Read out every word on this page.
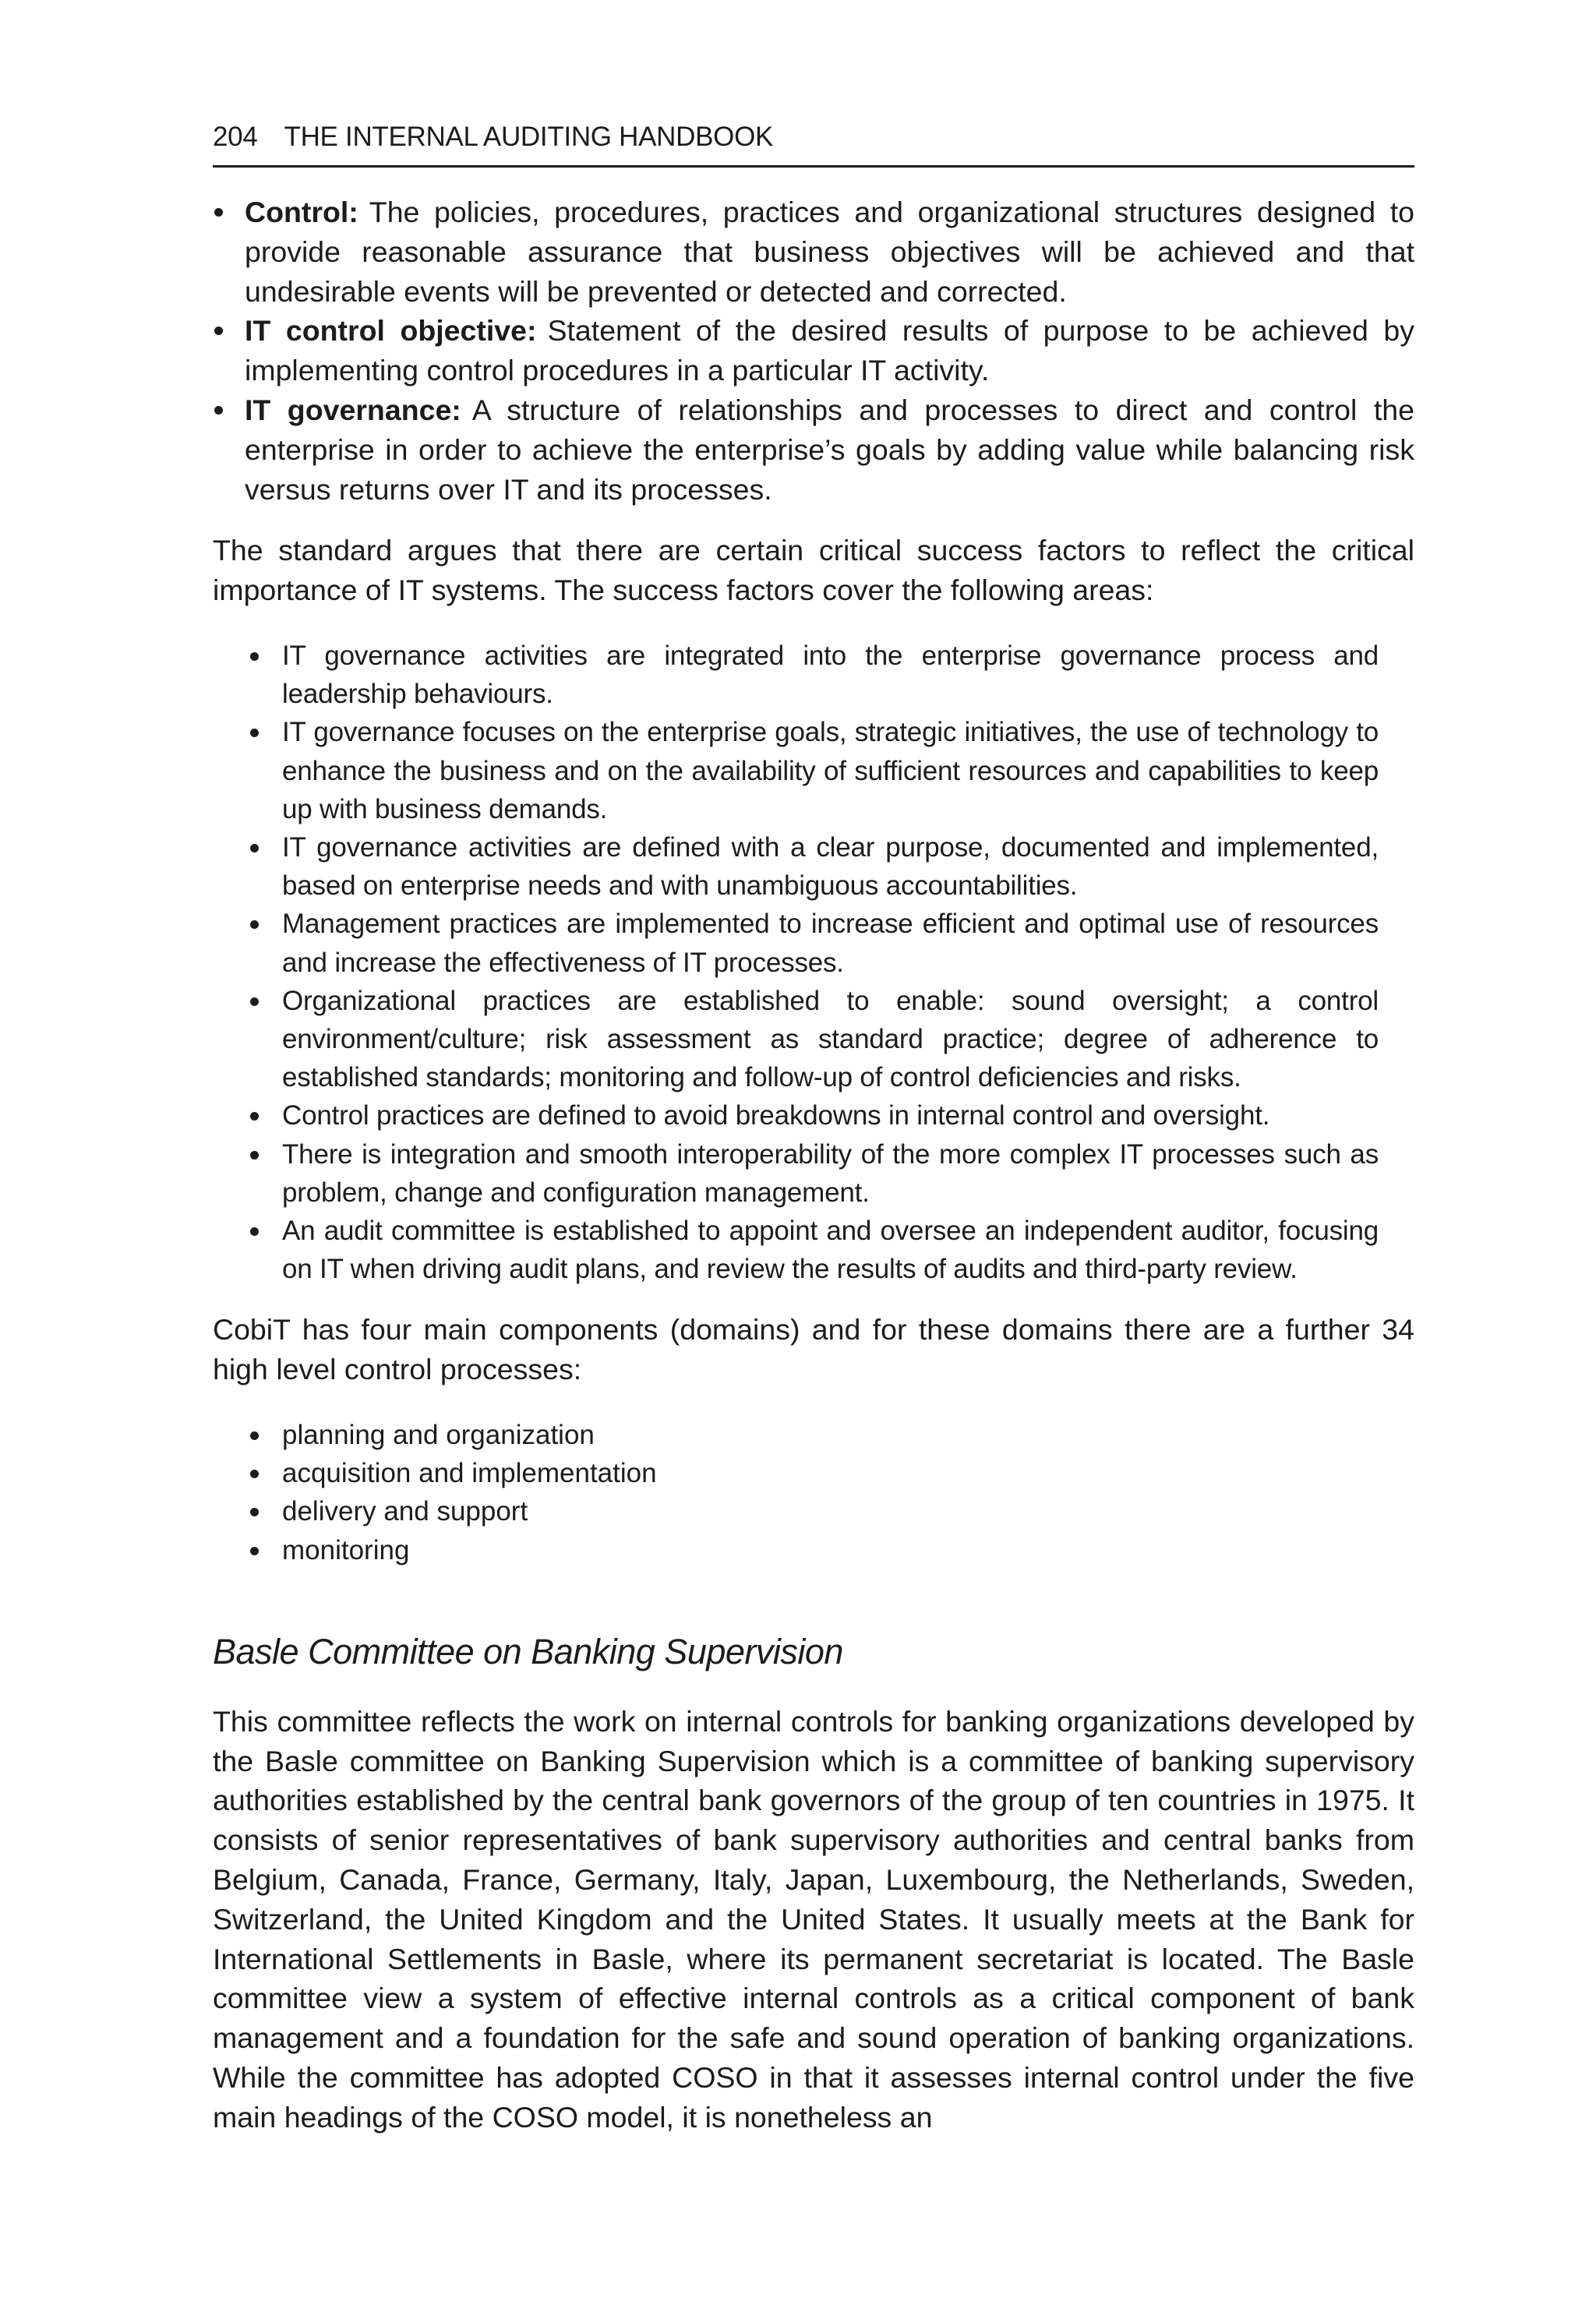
204 THE INTERNAL AUDITING HANDBOOK
Control: The policies, procedures, practices and organizational structures designed to provide reasonable assurance that business objectives will be achieved and that undesirable events will be prevented or detected and corrected.
IT control objective: Statement of the desired results of purpose to be achieved by implementing control procedures in a particular IT activity.
IT governance: A structure of relationships and processes to direct and control the enterprise in order to achieve the enterprise’s goals by adding value while balancing risk versus returns over IT and its processes.

The standard argues that there are certain critical success factors to reflect the critical importance of IT systems. The success factors cover the following areas:

IT governance activities are integrated into the enterprise governance process and leadership behaviours.
IT governance focuses on the enterprise goals, strategic initiatives, the use of technology to enhance the business and on the availability of sufficient resources and capabilities to keep up with business demands.
IT governance activities are defined with a clear purpose, documented and implemented, based on enterprise needs and with unambiguous accountabilities.
Management practices are implemented to increase efficient and optimal use of resources and increase the effectiveness of IT processes.
Organizational practices are established to enable: sound oversight; a control environment/culture; risk assessment as standard practice; degree of adherence to established standards; monitoring and follow-up of control deficiencies and risks.
Control practices are defined to avoid breakdowns in internal control and oversight.
There is integration and smooth interoperability of the more complex IT processes such as problem, change and configuration management.
An audit committee is established to appoint and oversee an independent auditor, focusing on IT when driving audit plans, and review the results of audits and third-party review.

CobiT has four main components (domains) and for these domains there are a further 34 high level control processes:

planning and organization
acquisition and implementation
delivery and support
monitoring
Basle Committee on Banking Supervision

This committee reflects the work on internal controls for banking organizations developed by the Basle committee on Banking Supervision which is a committee of banking supervisory authorities established by the central bank governors of the group of ten countries in 1975. It consists of senior representatives of bank supervisory authorities and central banks from Belgium, Canada, France, Germany, Italy, Japan, Luxembourg, the Netherlands, Sweden, Switzerland, the United Kingdom and the United States. It usually meets at the Bank for International Settlements in Basle, where its permanent secretariat is located. The Basle committee view a system of effective internal controls as a critical component of bank management and a foundation for the safe and sound operation of banking organizations. While the committee has adopted COSO in that it assesses internal control under the five main headings of the COSO model, it is nonetheless an
